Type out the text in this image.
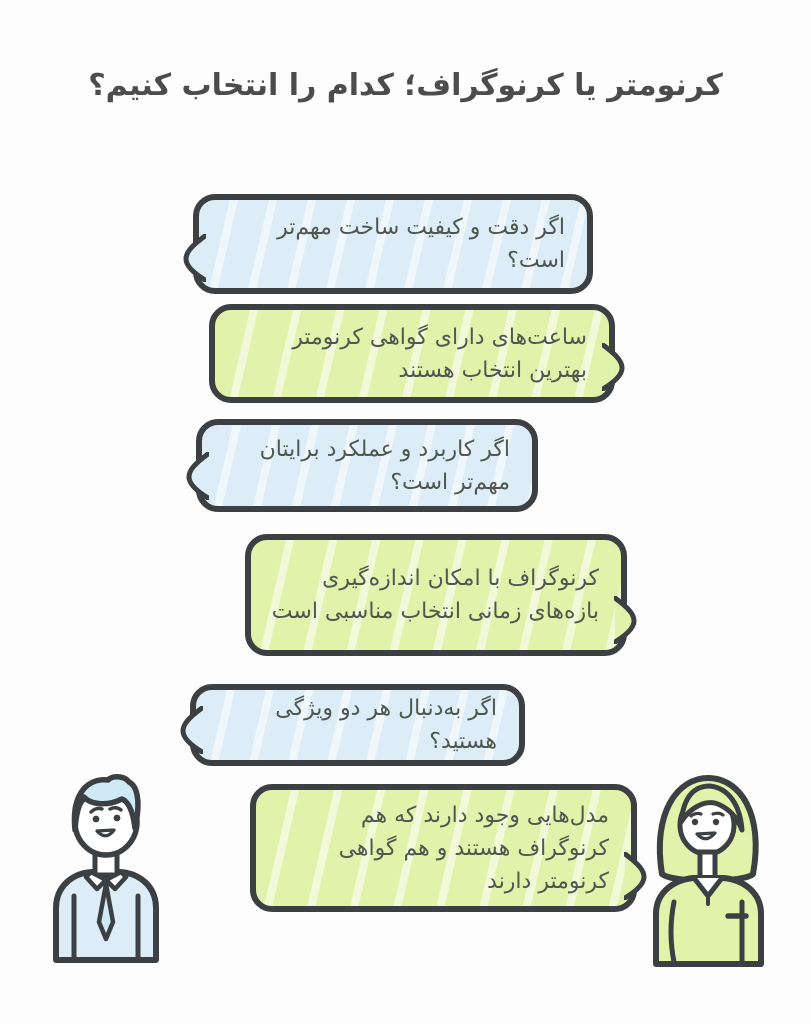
کرنومتر یا کرنوگراف؛ کدام را انتخاب کنیم؟

اگر دقت و کیفیت ساخت مهم‌تر است؟

ساعت‌های دارای گواهی کرنومتر بهترین انتخاب هستند

اگر کاربرد و عملکرد برایتان مهم‌تر است؟

کرنوگراف با امکان اندازه‌گیری بازه‌های زمانی انتخاب مناسبی است

اگر به‌دنبال هر دو ویژگی هستید؟

مدل‌هایی وجود دارند که هم کرنوگراف هستند و هم گواهی کرنومتر دارند
